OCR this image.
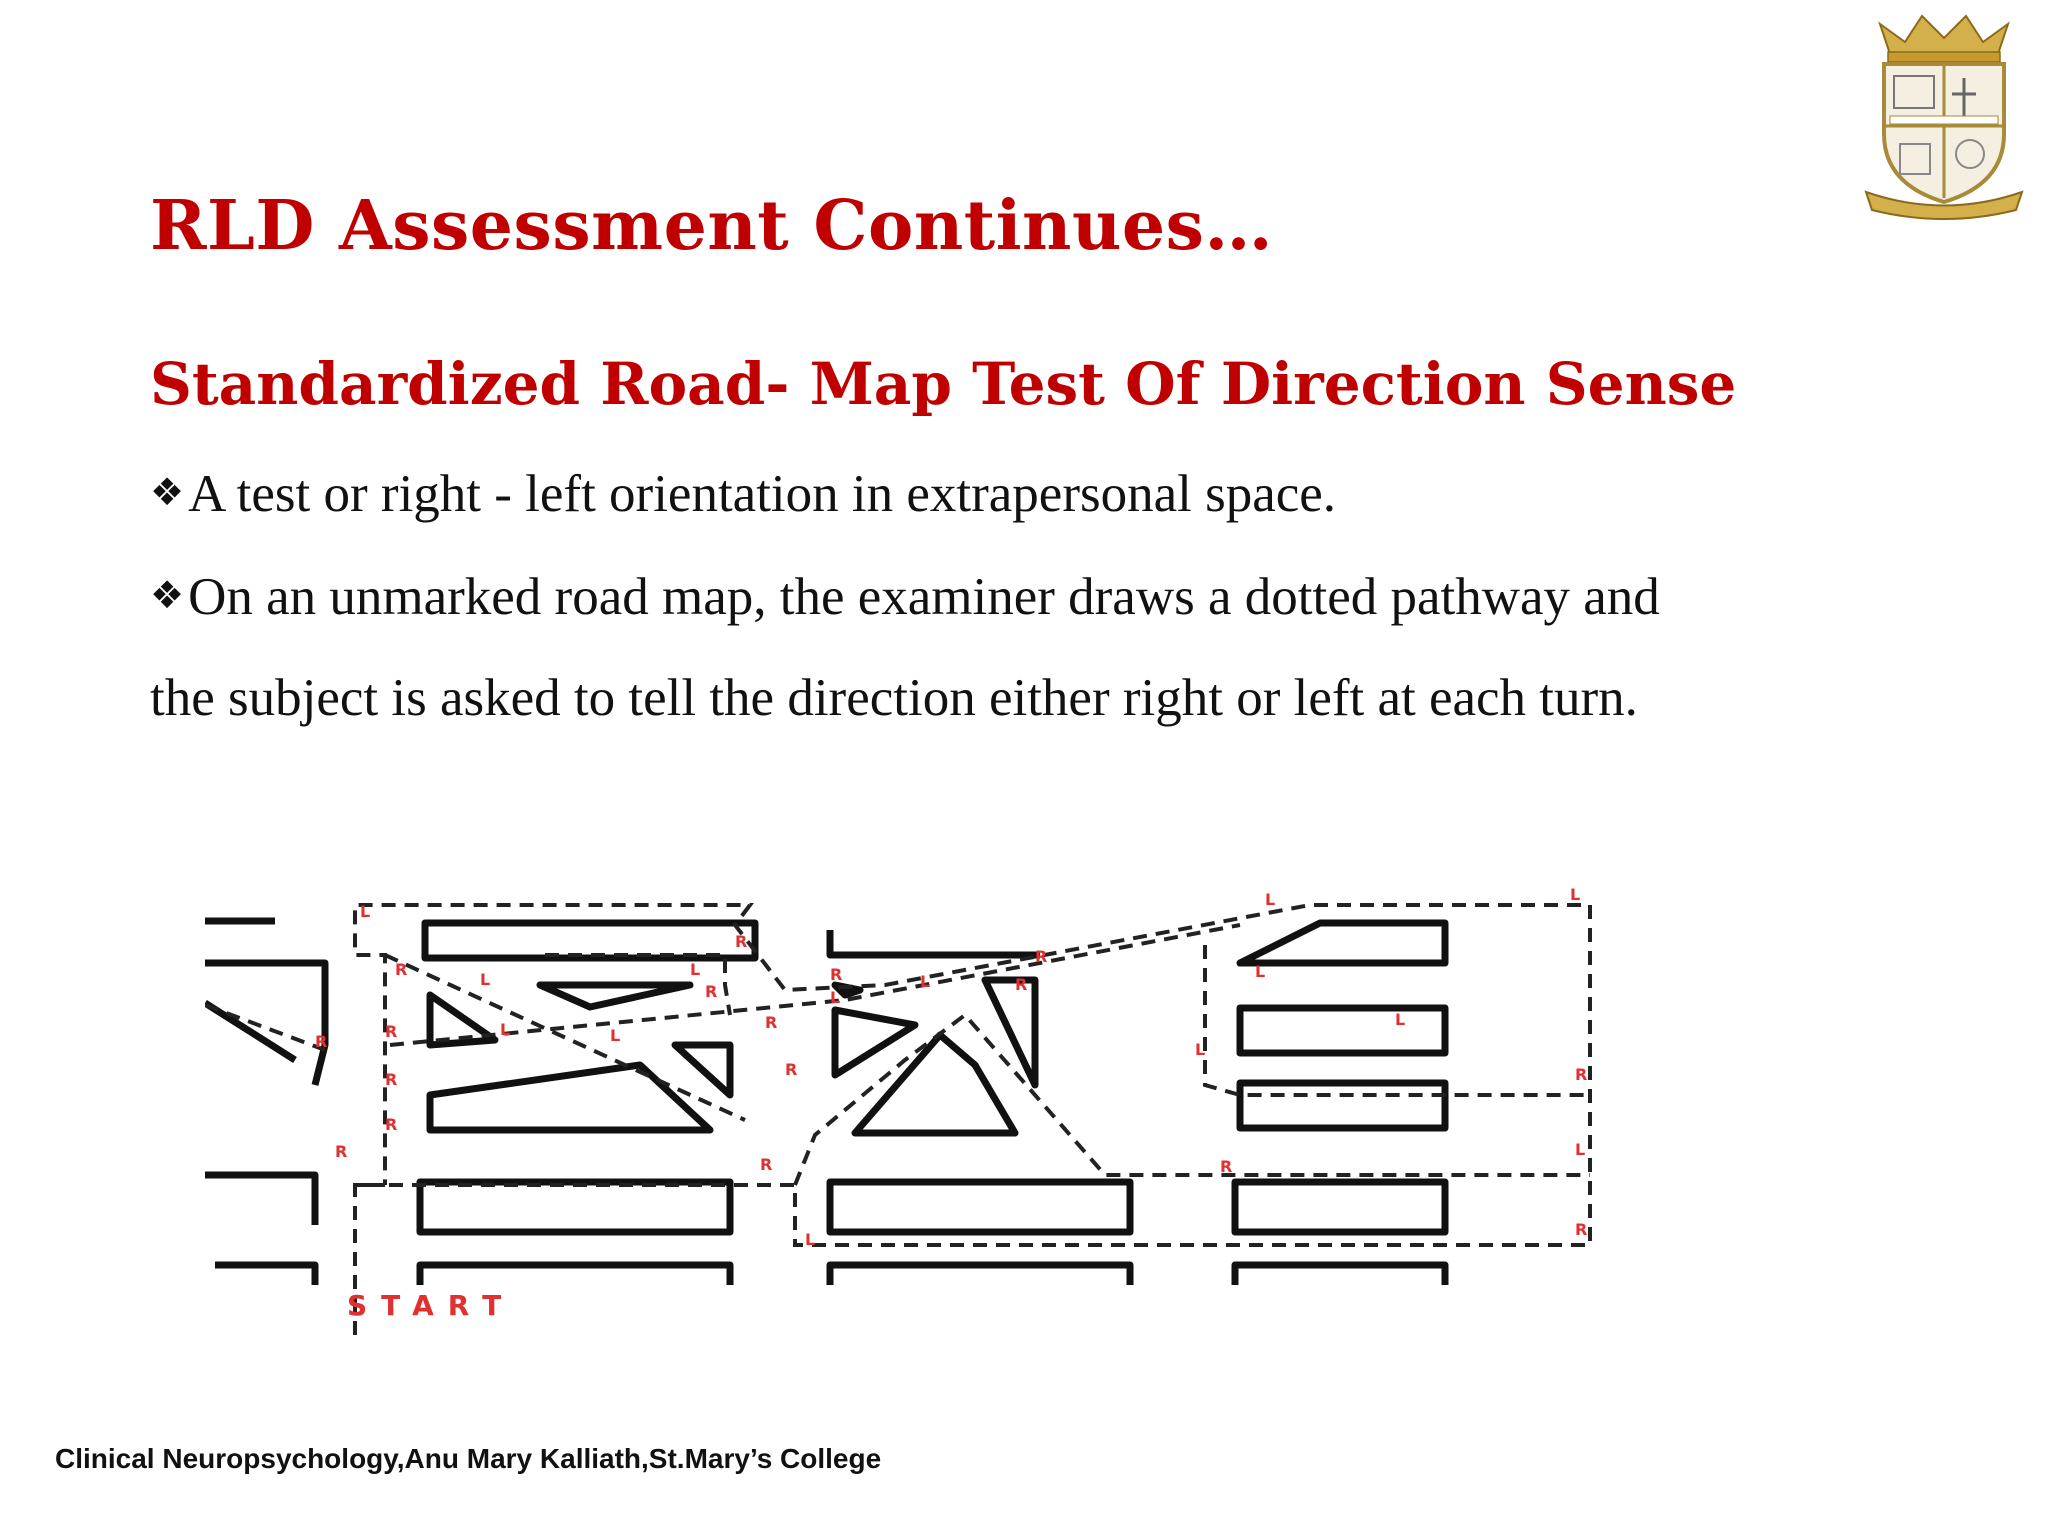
RLD Assessment Continues…
Standardized Road- Map Test Of Direction Sense

❖A test or right - left orientation in extrapersonal space.

❖On an unmarked road map, the examiner draws a dotted pathway and

the subject is asked to tell the direction either right or left at each turn.

L
R
R
L
L
R
R
R	L	L
R
R
R
R
R
L
L	R
R
L
L
L
L
L
R
R
L
R
R
L
R
START

Clinical Neuropsychology,Anu Mary Kalliath,St.Mary’s College
